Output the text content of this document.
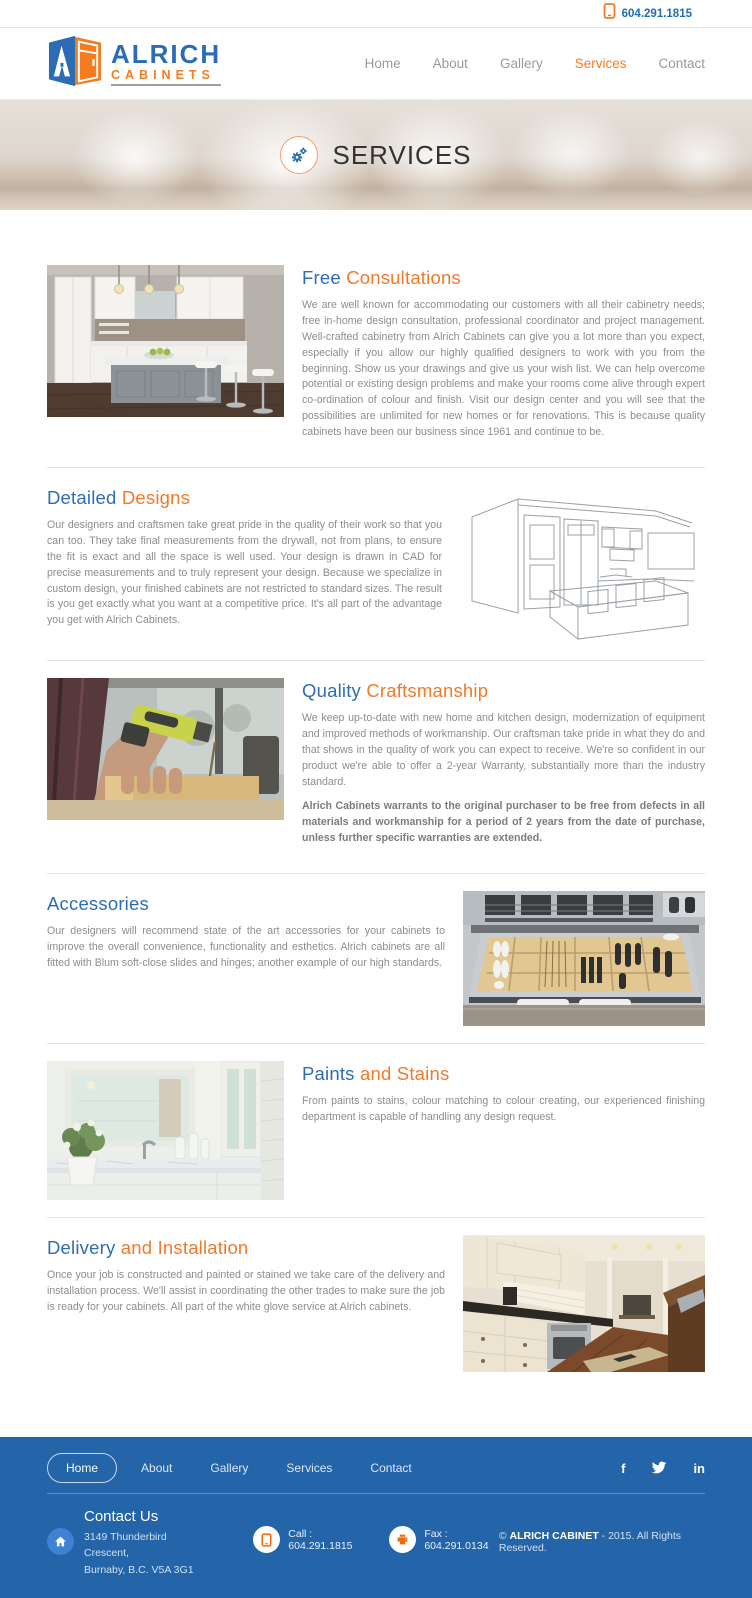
604.291.1815
ALRICH
CABINETS
Home About Gallery Services Contact
SERVICES
Free Consultations

We are well known for accommodating our customers with all their cabinetry needs; free in-home design consultation, professional coordinator and project management. Well-crafted cabinetry from Alrich Cabinets can give you a lot more than you expect, especially if you allow our highly qualified designers to work with you from the beginning. Show us your drawings and give us your wish list. We can help overcome potential or existing design problems and make your rooms come alive through expert co-ordination of colour and finish. Visit our design center and you will see that the possibilities are unlimited for new homes or for renovations. This is because quality cabinets have been our business since 1961 and continue to be.

Detailed Designs

Our designers and craftsmen take great pride in the quality of their work so that you can too. They take final measurements from the drywall, not from plans, to ensure the fit is exact and all the space is well used. Your design is drawn in CAD for precise measurements and to truly represent your design. Because we specialize in custom design, your finished cabinets are not restricted to standard sizes. The result is you get exactly what you want at a competitive price. It's all part of the advantage you get with Alrich Cabinets.

Quality Craftsmanship

We keep up-to-date with new home and kitchen design, modernization of equipment and improved methods of workmanship. Our craftsman take pride in what they do and that shows in the quality of work you can expect to receive. We're so confident in our product we're able to offer a 2-year Warranty, substantially more than the industry standard.

Alrich Cabinets warrants to the original purchaser to be free from defects in all materials and workmanship for a period of 2 years from the date of purchase, unless further specific warranties are extended.

Accessories

Our designers will recommend state of the art accessories for your cabinets to improve the overall convenience, functionality and esthetics. Alrich cabinets are all fitted with Blum soft-close slides and hinges; another example of our high standards.

Paints and Stains

From paints to stains, colour matching to colour creating, our experienced finishing department is capable of handling any design request.

Delivery and Installation

Once your job is constructed and painted or stained we take care of the delivery and installation process. We'll assist in coordinating the other trades to make sure the job is ready for your cabinets. All part of the white glove service at Alrich cabinets.

Home	About	Gallery	Services	Contact	f	in
Contact Us
3149 Thunderbird Crescent,
Burnaby, B.C. V5A 3G1
Call : 604.291.1815
Fax : 604.291.0134
© ALRICH CABINET - 2015. All Rights Reserved.
